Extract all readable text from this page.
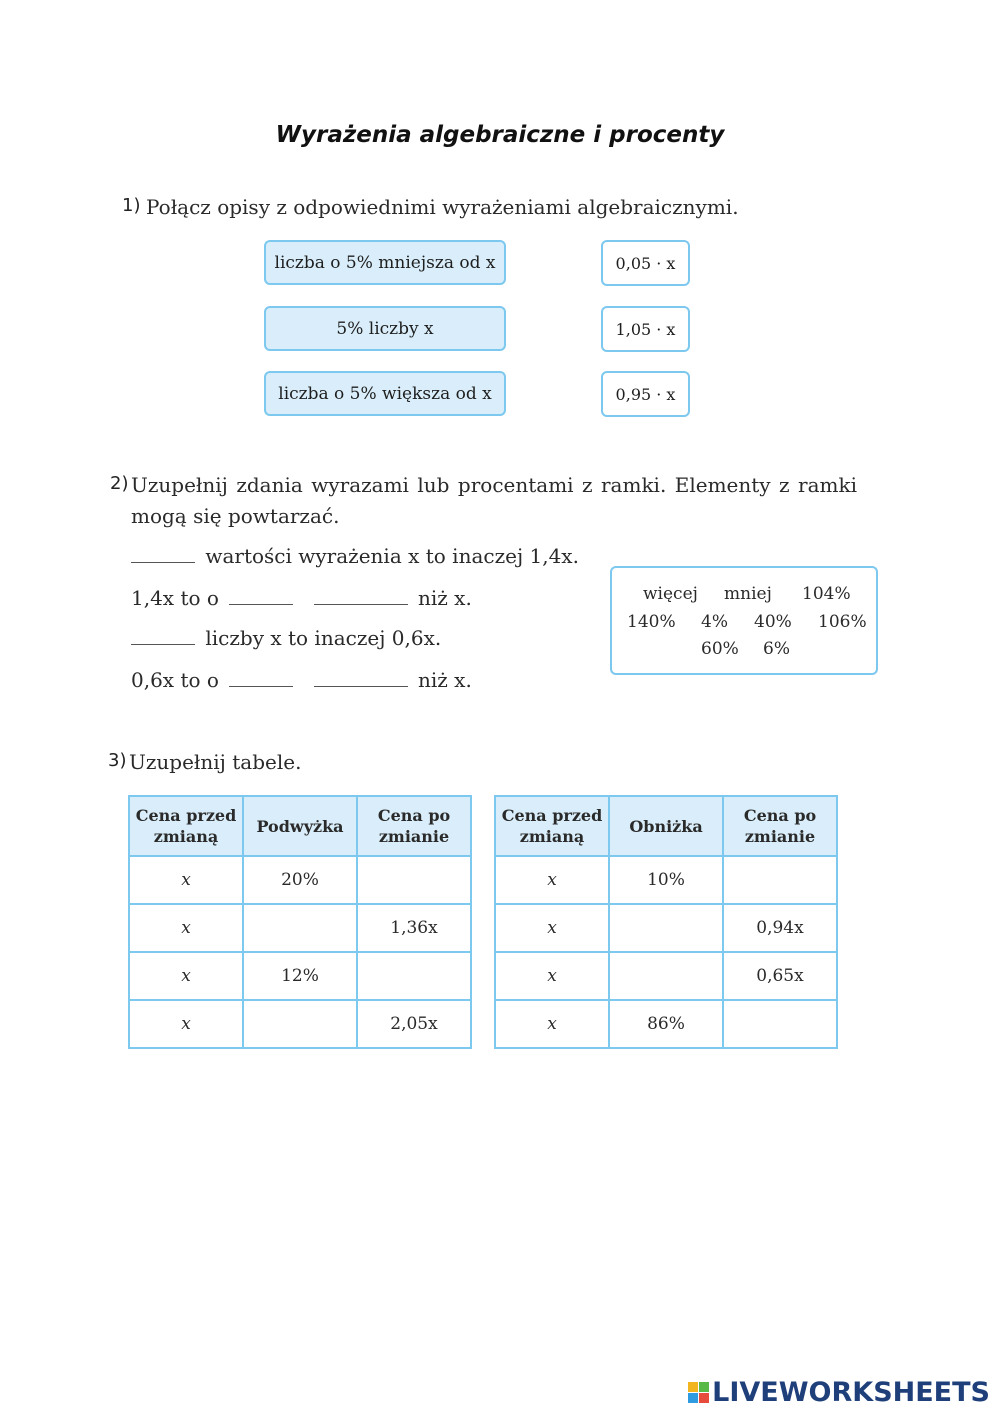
Wyrażenia algebraiczne i procenty
1) Połącz opisy z odpowiednimi wyrażeniami algebraicznymi.
liczba o 5% mniejsza od x
5% liczby x
liczba o 5% większa od x
0,05 · x
1,05 · x
0,95 · x
2) Uzupełnij zdania wyrazami lub procentami z ramki. Elementy z ramki
mogą się powtarzać.
wartości wyrażenia x to inaczej 1,4x.
1,4x to o	niż x.
liczby x to inaczej 0,6x.
0,6x to o	niż x.
więcej mniej 104%
140% 4% 40% 106%
60% 6%
3) Uzupełnij tabele.
Cena przed zmianą	Podwyżka	Cena po zmianie
x	20%	
x		1,36x
x	12%	
x		2,05x
Cena przed zmianą	Obniżka	Cena po zmianie
x	10%	
x		0,94x
x		0,65x
x	86%	
LIVEWORKSHEETS
